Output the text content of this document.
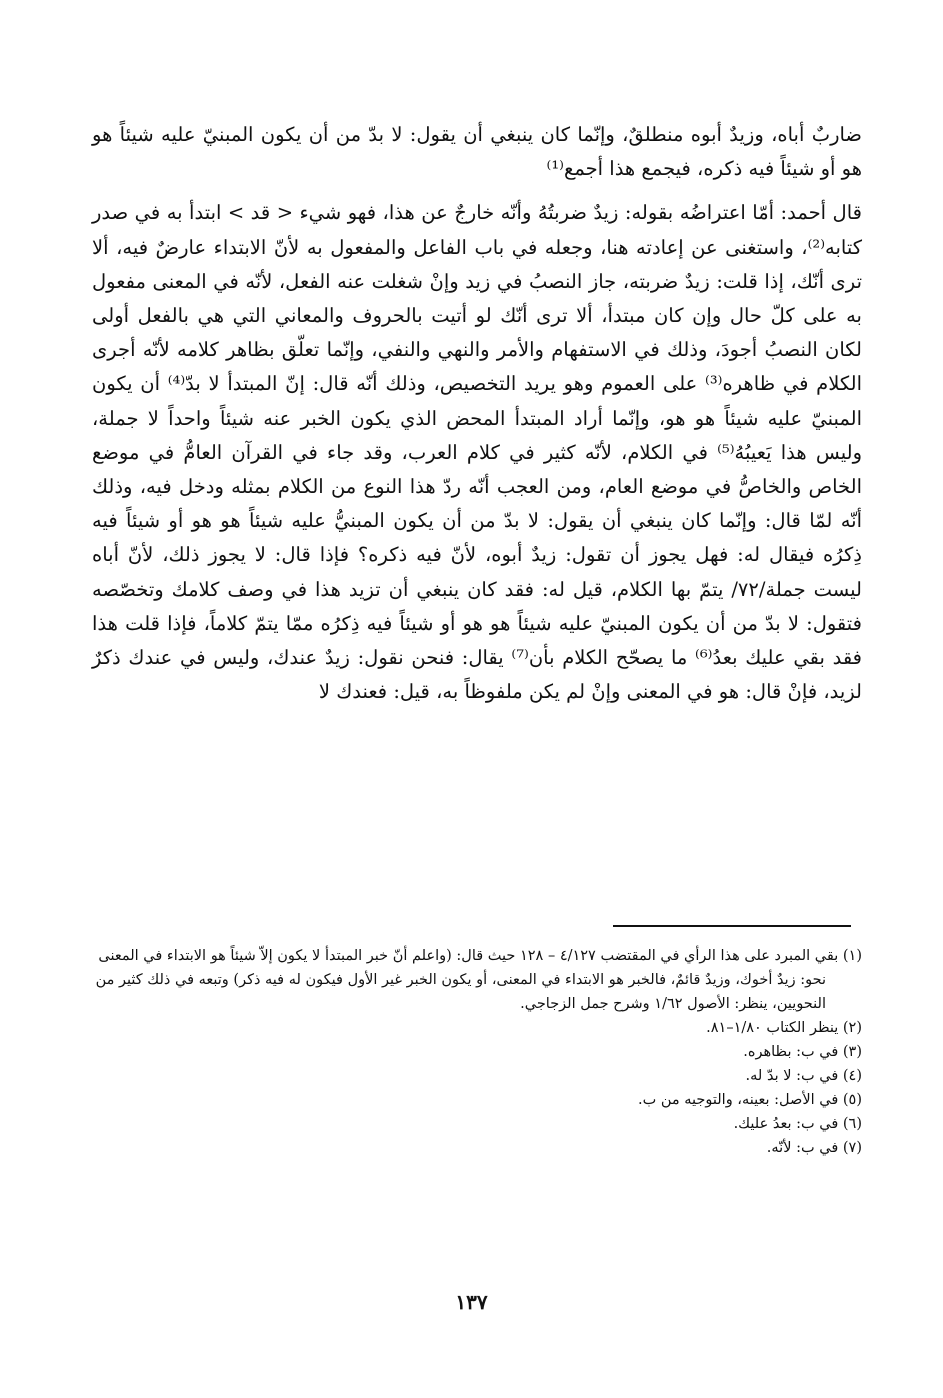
ضاربٌ أباه، وزيدٌ أبوه منطلقٌ، وإنّما كان ينبغي أن يقول: لا بدّ من أن يكون المبنيّ عليه شيئاً هو هو أو شيئاً فيه ذكره، فيجمع هذا أجمع⁽¹⁾

قال أحمد: أمّا اعتراضُه بقوله: زيدٌ ضربتُهُ وأنّه خارجٌ عن هذا، فهو شيء < قد > ابتدأ به في صدر كتابه⁽²⁾، واستغنى عن إعادته هنا، وجعله في باب الفاعل والمفعول به لأنّ الابتداء عارضٌ فيه، ألا ترى أنّك، إذا قلت: زيدٌ ضربته، جاز النصبُ في زيد وإنْ شغلت عنه الفعل، لأنّه في المعنى مفعول به على كلّ حال وإن كان مبتدأ، ألا ترى أنّك لو أتيت بالحروف والمعاني التي هي بالفعل أولى لكان النصبُ أجودَ، وذلك في الاستفهام والأمر والنهي والنفي، وإنّما تعلّق بظاهر كلامه لأنّه أجرى الكلام في ظاهره⁽³⁾ على العموم وهو يريد التخصيص، وذلك أنّه قال: إنّ المبتدأ لا بدّ⁽⁴⁾ أن يكون المبنيّ عليه شيئاً هو هو، وإنّما أراد المبتدأ المحض الذي يكون الخبر عنه شيئاً واحداً لا جملة، وليس هذا يَعيبُهُ⁽⁵⁾ في الكلام، لأنّه كثير في كلام العرب، وقد جاء في القرآن العامُّ في موضع الخاص والخاصُّ في موضع العام، ومن العجب أنّه ردّ هذا النوع من الكلام بمثله ودخل فيه، وذلك أنّه لمّا قال: وإنّما كان ينبغي أن يقول: لا بدّ من أن يكون المبنيُّ عليه شيئاً هو هو أو شيئاً فيه ذِكرُه فيقال له: فهل يجوز أن تقول: زيدٌ أبوه، لأنّ فيه ذكره؟ فإذا قال: لا يجوز ذلك، لأنّ أباه ليست جملة/٧٢/ يتمّ بها الكلام، قيل له: فقد كان ينبغي أن تزيد هذا في وصف كلامك وتخصّصه فتقول: لا بدّ من أن يكون المبنيّ عليه شيئاً هو هو أو شيئاً فيه ذِكرُه ممّا يتمّ كلاماً، فإذا قلت هذا فقد بقي عليك بعدُ⁽⁶⁾ ما يصحّح الكلام بأن⁽⁷⁾ يقال: فنحن نقول: زيدٌ عندك، وليس في عندك ذكرٌ لزيد، فإنْ قال: هو في المعنى وإنْ لم يكن ملفوظاً به، قيل: فعندك لا

(١) بقي المبرد على هذا الرأي في المقتضب ٤/١٢٧ – ١٢٨ حيث قال: (واعلم أنّ خبر المبتدأ لا يكون إلاّ شيئاً هو الابتداء في المعنى نحو: زيدٌ أخوك، وزيدٌ قائمٌ، فالخبر هو الابتداء في المعنى، أو يكون الخبر غير الأول فيكون له فيه ذكر) وتبعه في ذلك كثير من النحويين، ينظر: الأصول ١/٦٢ وشرح جمل الزجاجي.

(٢) ينظر الكتاب ١/٨٠–٨١.

(٣) في ب: بظاهره.

(٤) في ب: لا بدّ له.

(٥) في الأصل: بعينه، والتوجيه من ب.

(٦) في ب: بعدُ عليك.

(٧) في ب: لأنّه.

١٣٧
